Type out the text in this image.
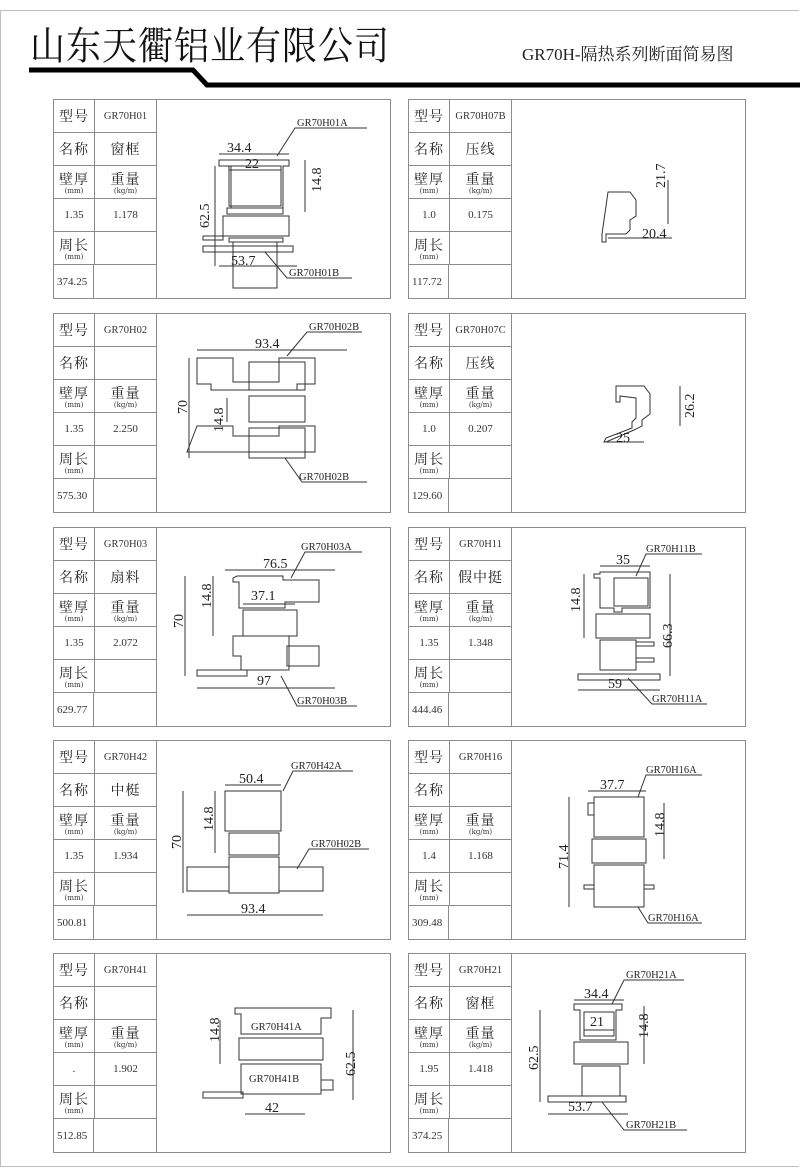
山东天衢铝业有限公司	GR70H-隔热系列断面简易图
型号 GR70H01
名称 窗框
壁厚
(mm)
重量
(kg/m)
1.35	1.178
周长
(mm)
374.25
34.4
22
14.8
62.5
53.7
GR70H01A
GR70H01B
型号 GR70H07B
名称 压线
壁厚
(mm)
重量
(kg/m)
1.0	0.175
周长
(mm)
117.72
21.7
20.4
型号 GR70H02
名称
壁厚
(mm)
重量
(kg/m)
1.35	2.250
周长
(mm)
575.30
93.4
70
14.8
GR70H02B
GR70H02B
型号 GR70H07C
名称 压线
壁厚
(mm)
重量
(kg/m)
1.0	0.207
周长
(mm)
129.60
26.2
25
型号 GR70H03
名称 扇料
壁厚
(mm)
重量
(kg/m)
1.35	2.072
周长
(mm)
629.77
76.5
14.8	37.1
70
97
GR70H03A
GR70H03B
型号 GR70H11
名称 假中挺
壁厚
(mm)
重量
(kg/m)
1.35	1.348
周长
(mm)
444.46
35
14.8
66.3
59
GR70H11B
GR70H11A
型号 GR70H42
名称 中梃
壁厚
(mm)
重量
(kg/m)
1.35	1.934
周长
(mm)
500.81
50.4
14.8
70
93.4
GR70H42A
GR70H02B
型号 GR70H16
名称
壁厚
(mm)
重量
(kg/m)
1.4	1.168
周长
(mm)
309.48
37.7
14.8
71.4
GR70H16A
GR70H16A
型号 GR70H41
名称
壁厚
(mm)
重量
(kg/m)
.	1.902
周长
(mm)
512.85
GR70H41A
GR70H41B
14.8
62.5
42
型号 GR70H21
名称 窗框
壁厚
(mm)
重量
(kg/m)
1.95	1.418
周长
(mm)
374.25
34.4
21 14.8
62.5
53.7
GR70H21A
GR70H21B
